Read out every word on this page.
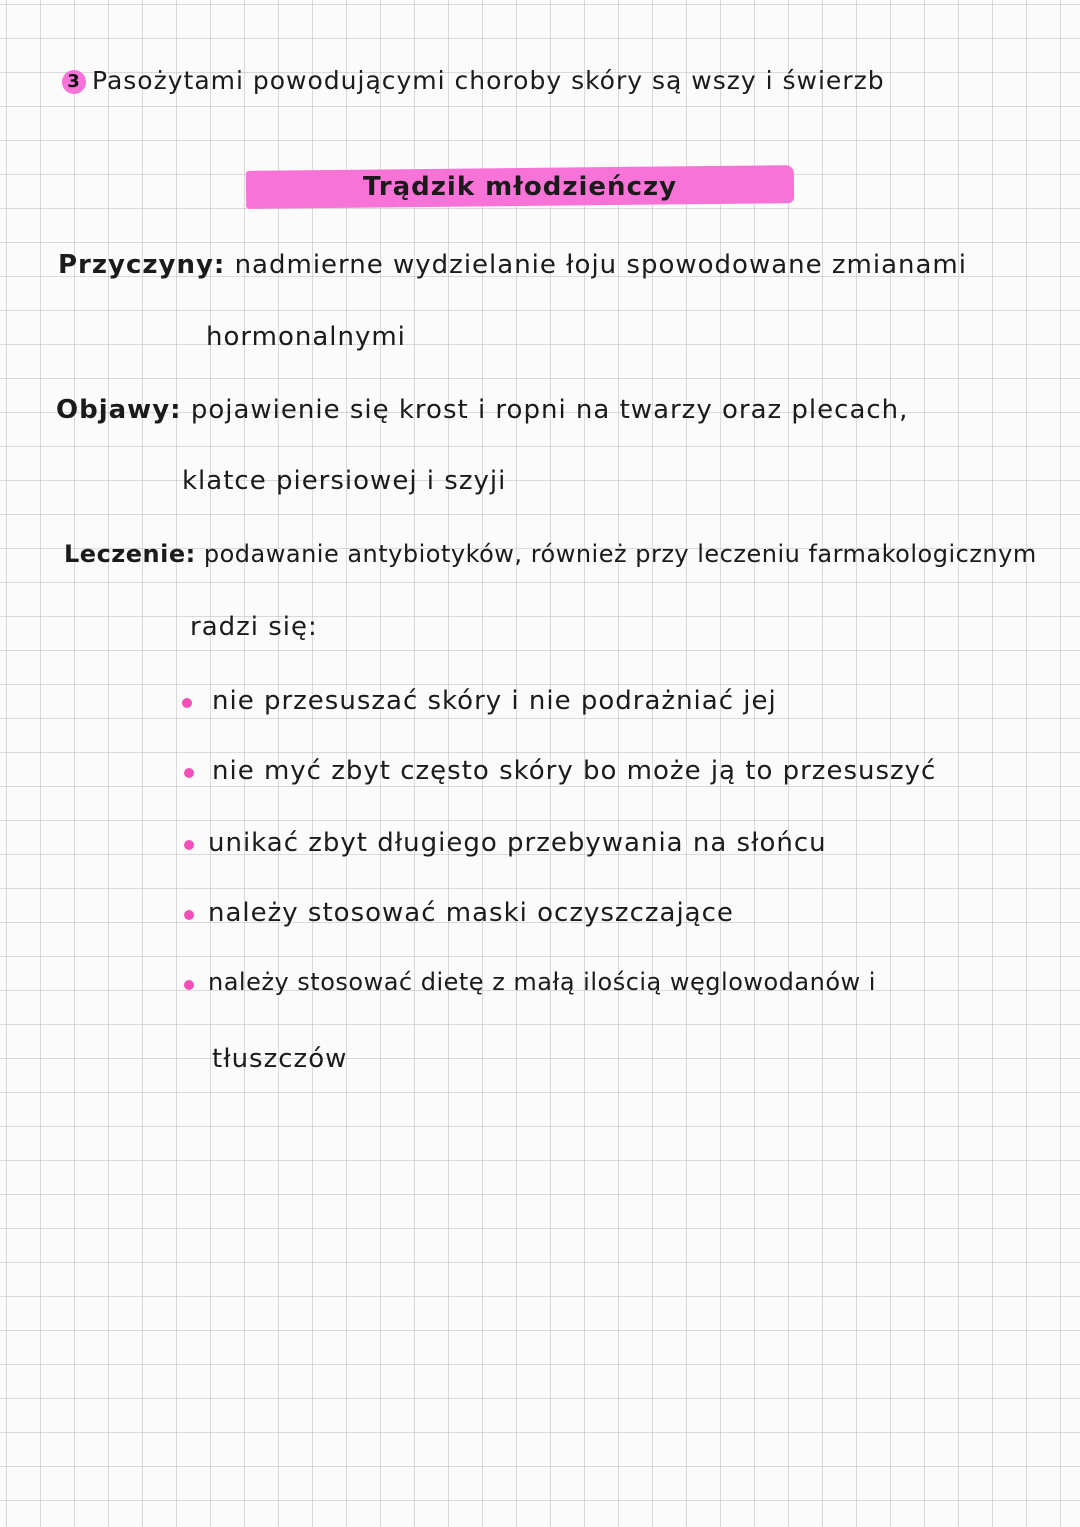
3 Pasożytami powodującymi choroby skóry są wszy i świerzb
Trądzik młodzieńczy
Przyczyny: nadmierne wydzielanie łoju spowodowane zmianami
hormonalnymi
Objawy: pojawienie się krost i ropni na twarzy oraz plecach,
klatce piersiowej i szyji
Leczenie: podawanie antybiotyków, również przy leczeniu farmakologicznym
radzi się:
nie przesuszać skóry i nie podrażniać jej
nie myć zbyt często skóry bo może ją to przesuszyć
unikać zbyt długiego przebywania na słońcu
należy stosować maski oczyszczające
należy stosować dietę z małą ilością węglowodanów i
tłuszczów
